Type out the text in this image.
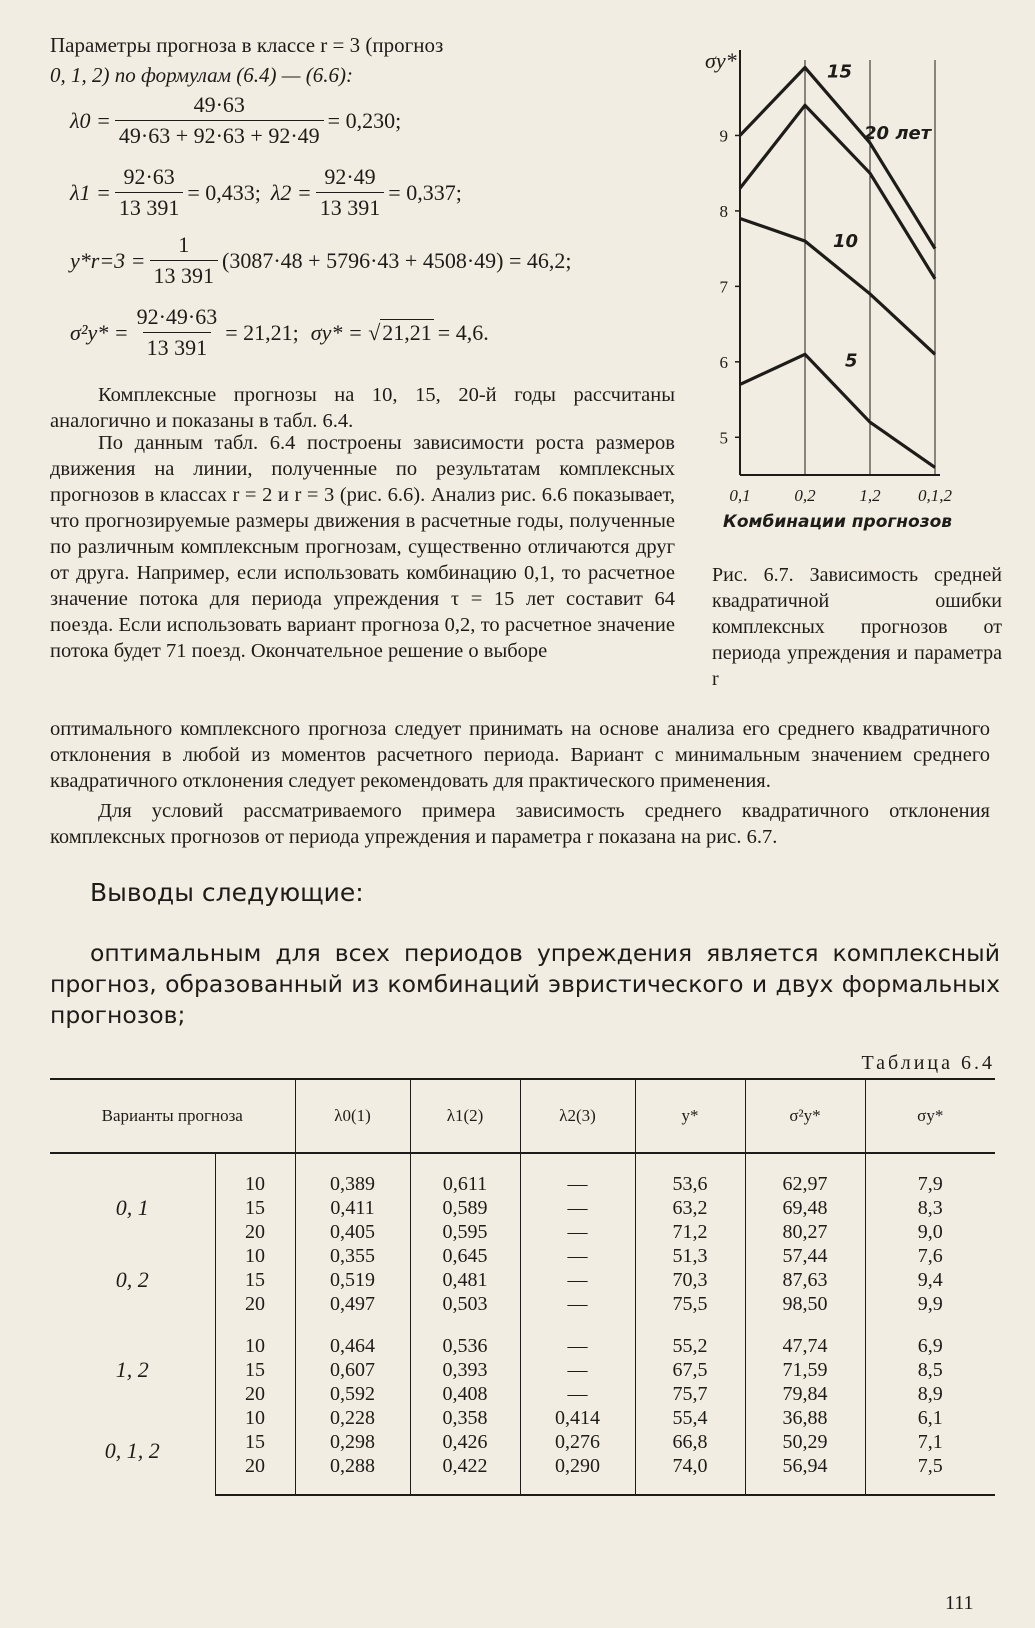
Параметры прогноза в классе r = 3 (прогноз
0, 1, 2) по формулам (6.4) — (6.6):
$\lambda 0 = \frac{49\cdot 63}{49\cdot 63 + 92\cdot 63 + 92\cdot 49} = 0,230$;
$\lambda 1 = \frac{92\cdot 63}{13 391} = 0,433$; $\lambda 2 = \frac{92\cdot 49}{13 391} = 0,337$;
$y*r=3 = \frac{1}{13 391} (3087\cdot 48 + 5796\cdot 43 + 4508\cdot 49) = 46,2$;
$\sigma^2y* = \frac{92\cdot 49\cdot 63}{13 391} = 21,21$; σy* = √ 21,21 = 4,6.
Комплексные прогнозы на 10, 15, 20-й годы рассчитаны аналогично и показаны в табл. 6.4.
По данным табл. 6.4 построены зависимости роста размеров движения на линии, полученные по результатам комплексных прогнозов в классах r = 2 и r = 3 (рис. 6.6). Анализ рис. 6.6 показывает, что прогнозируемые размеры движения в расчетные годы, полученные по различным комплексным прогнозам, существенно отличаются друг от друга. Например, если использовать комбинацию 0,1, то расчетное значение потока для периода упреждения τ = 15 лет составит 64 поезда. Если использовать вариант прогноза 0,2, то расчетное значение потока будет 71 поезд. Окончательное решение о выборе
оптимального комплексного прогноза следует принимать на основе анализа его среднего квадратичного отклонения в любой из моментов расчетного периода. Вариант с минимальным значением среднего квадратичного отклонения следует рекомендовать для практического применения.
Для условий рассматриваемого примера зависимость среднего квадратичного отклонения комплексных прогнозов от периода упреждения и параметра r показана на рис. 6.7.
Выводы следующие:
оптимальным для всех периодов упреждения является комплексный прогноз, образованный из комбинаций эвристического и двух формальных прогнозов;
5
6
7
8
9
0,1	0,2	1,2 0,1,2
σy*
Комбинации прогнозов
20 лет
15
10
5
Рис. 6.7. Зависимость средней квадратичной ошибки комплексных прогнозов от периода упреждения и параметра r
Таблица 6.4
Варианты прогноза		λ0(1)	λ1(2)	λ2(3)	y*	σ²y*	σy*
0, 1	10	0,389	0,611	—	53,6	62,97	7,9
	15	0,411	0,589	—	63,2	69,48	8,3
	20	0,405	0,595	—	71,2	80,27	9,0
0, 2	10	0,355	0,645	—	51,3	57,44	7,6
	15	0,519	0,481	—	70,3	87,63	9,4
	20	0,497	0,503	—	75,5	98,50	9,9
1, 2	10	0,464	0,536	—	55,2	47,74	6,9
	15	0,607	0,393	—	67,5	71,59	8,5
	20	0,592	0,408	—	75,7	79,84	8,9
0, 1, 2	10	0,228	0,358	0,414	55,4	36,88	6,1
	15	0,298	0,426	0,276	66,8	50,29	7,1
	20	0,288	0,422	0,290	74,0	56,94	7,5
111
